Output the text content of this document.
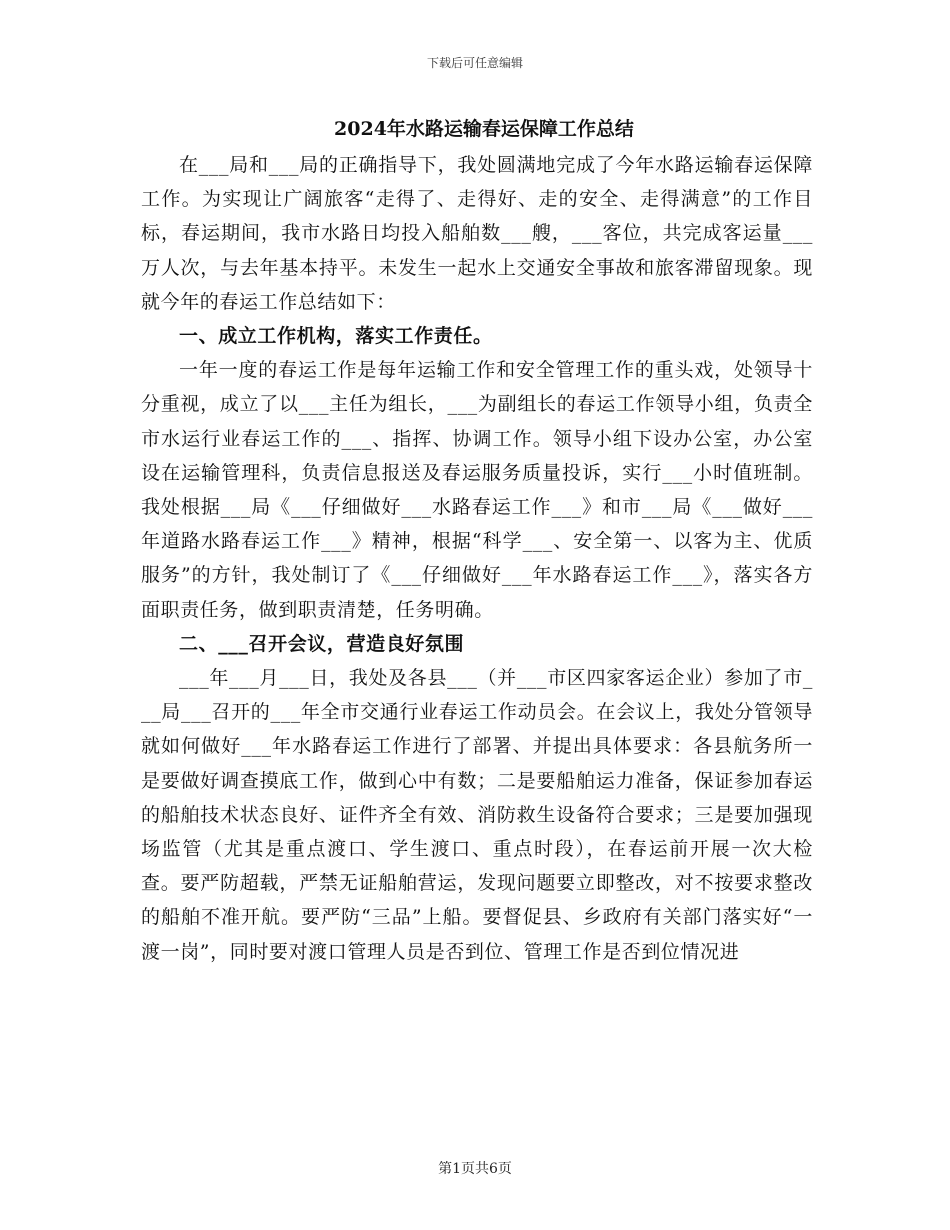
下载后可任意编辑
2024年水路运输春运保障工作总结

在___局和___局的正确指导下，我处圆满地完成了今年水路运输春运保障工作。为实现让广阔旅客“走得了、走得好、走的安全、走得满意”的工作目标，春运期间，我市水路日均投入船舶数___艘，___客位，共完成客运量___万人次，与去年基本持平。未发生一起水上交通安全事故和旅客滞留现象。现就今年的春运工作总结如下：

一、成立工作机构，落实工作责任。

一年一度的春运工作是每年运输工作和安全管理工作的重头戏，处领导十分重视，成立了以___主任为组长，___为副组长的春运工作领导小组，负责全市水运行业春运工作的___、指挥、协调工作。领导小组下设办公室，办公室设在运输管理科，负责信息报送及春运服务质量投诉，实行___小时值班制。我处根据___局《___仔细做好___水路春运工作___》和市___局《___做好___年道路水路春运工作___》精神，根据“科学___、安全第一、以客为主、优质服务”的方针，我处制订了《___仔细做好___年水路春运工作___》，落实各方面职责任务，做到职责清楚，任务明确。

二、___召开会议，营造良好氛围

___年___月___日，我处及各县___（并___市区四家客运企业）参加了市___局___召开的___年全市交通行业春运工作动员会。在会议上，我处分管领导就如何做好___年水路春运工作进行了部署、并提出具体要求：各县航务所一是要做好调查摸底工作，做到心中有数；二是要船舶运力准备，保证参加春运的船舶技术状态良好、证件齐全有效、消防救生设备符合要求；三是要加强现场监管（尤其是重点渡口、学生渡口、重点时段），在春运前开展一次大检查。要严防超载，严禁无证船舶营运，发现问题要立即整改，对不按要求整改的船舶不准开航。要严防“三品”上船。要督促县、乡政府有关部门落实好“一渡一岗”，同时要对渡口管理人员是否到位、管理工作是否到位情况进

第1页共6页
